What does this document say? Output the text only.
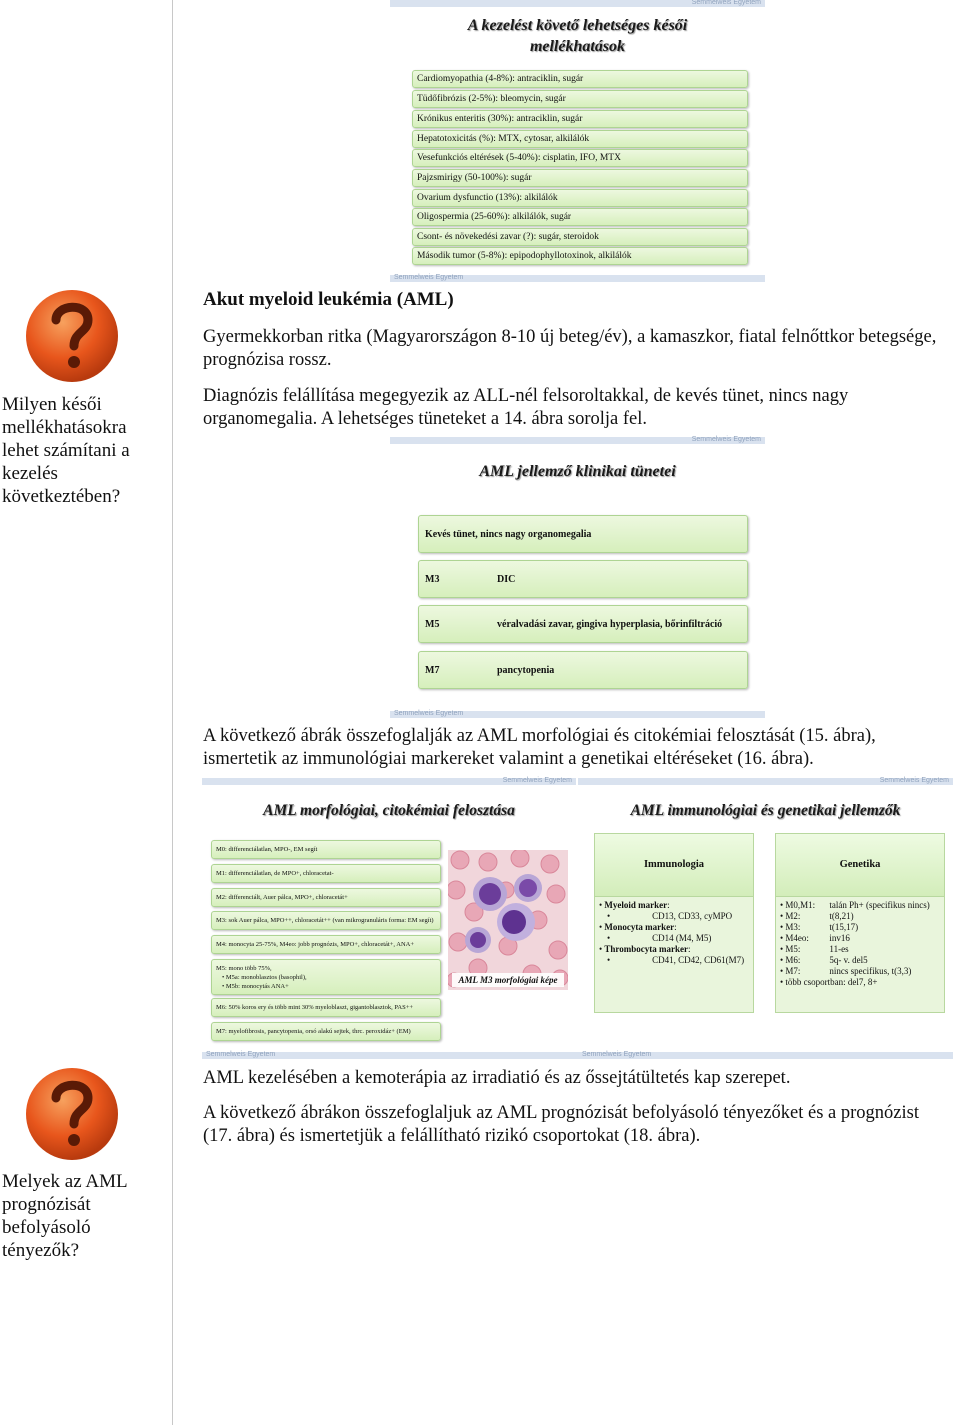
Milyen késői mellékhatásokra lehet számítani a kezelés következtében?
Melyek az AML prognózisát befolyásoló tényezők?
Semmelweis Egyetem
A kezelést követő lehetséges késői
mellékhatások
Cardiomyopathia (4-8%): antraciklin, sugár
Tüdőfibrózis (2-5%): bleomycin, sugár
Krónikus enteritis (30%): antraciklin, sugár
Hepatotoxicitás (%): MTX, cytosar, alkilálók
Vesefunkciós eltérések (5-40%): cisplatin, IFO, MTX
Pajzsmirigy (50-100%): sugár
Ovarium dysfunctio (13%): alkilálók
Oligospermia (25-60%): alkilálók, sugár
Csont- és növekedési zavar (?): sugár, steroidok
Második tumor (5-8%): epipodophyllotoxinok, alkilálók
Semmelweis Egyetem
Akut myeloid leukémia (AML)
Gyermekkorban ritka (Magyarországon 8-10 új beteg/év), a kamaszkor, fiatal felnőttkor betegsége, prognózisa rossz.
Diagnózis felállítása megegyezik az ALL-nél felsoroltakkal, de kevés tünet, nincs nagy organomegalia. A lehetséges tüneteket a 14. ábra sorolja fel.
Semmelweis Egyetem
AML jellemző klinikai tünetei
Kevés tünet, nincs nagy organomegalia
M3	DIC
M5	véralvadási zavar, gingiva hyperplasia, bőrinfiltráció
M7	pancytopenia
Semmelweis Egyetem
A következő ábrák összefoglalják az AML morfológiai és citokémiai felosztását (15. ábra), ismertetik az immunológiai markereket valamint a genetikai eltéréseket (16. ábra).
Semmelweis Egyetem
AML morfológiai, citokémiai felosztása
M0: differenciálatlan, MPO-, EM segít
M1: differenciálatlan, de MPO+, chloracetat-
M2: differenciált, Auer pálca, MPO+, chloracetát+
M3: sok Auer pálca, MPO++, chloracetát++ (van mikrogranuláris forma: EM segít)
M4: monocyta 25-75%, M4eo: jobb prognózis, MPO+, chloracetát+, ANA+
M5: mono több 75%,
• M5a: monoblasztos (basophil),
• M5b: monocytás ANA+
M6: 50% koros ery és több mint 30% myeloblaszt, gigantoblasztok, PAS++
M7: myelofibrosis, pancytopenia, orsó alakú sejtek, thrc. peroxidáz+ (EM)
AML M3 morfológiai képe
Semmelweis Egyetem
AML immunológiai és genetikai jellemzők
Immunologia
• Myeloid marker:
•	CD13, CD33, cyMPO
• Monocyta marker:
•	CD14 (M4, M5)
• Thrombocyta marker:
•	CD41, CD42, CD61(M7)
Genetika
• M0,M1: talán Ph+ (specifikus nincs)
• M2:	t(8,21)
• M3:	t(15,17)
• M4eo: inv16
• M5:	11-es
• M6:	5q- v. del5
• M7:	nincs specifikus, t(3,3)
• több csoportban: del7, 8+
Semmelweis Egyetem	Semmelweis Egyetem
AML kezelésében a kemoterápia az irradiatió és az őssejtátültetés kap szerepet.
A következő ábrákon összefoglaljuk az AML prognózisát befolyásoló tényezőket és a prognózist (17. ábra) és ismertetjük a felállítható rizikó csoportokat (18. ábra).
